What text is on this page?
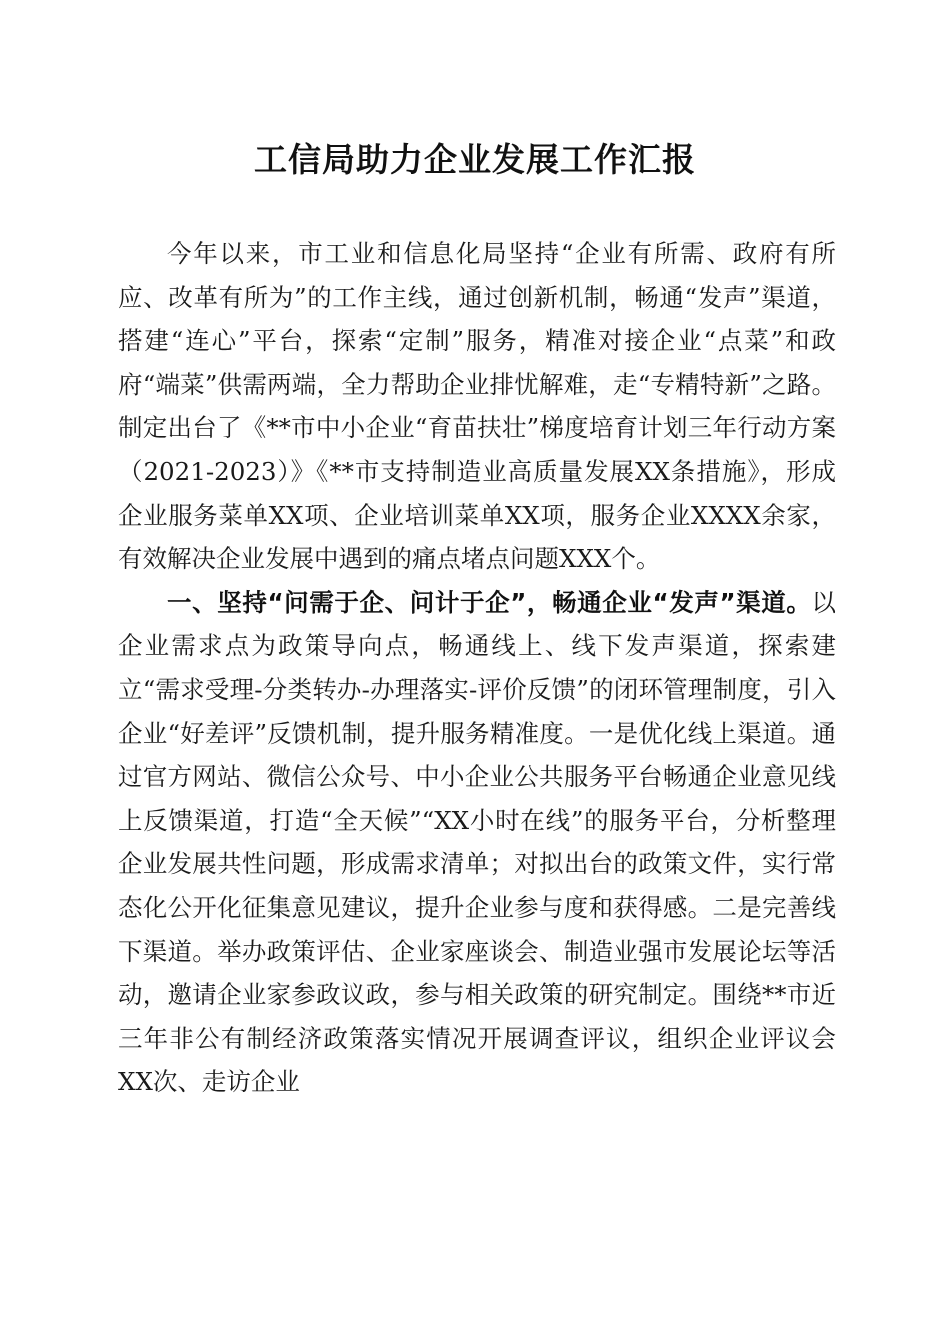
工信局助力企业发展工作汇报

今年以来，市工业和信息化局坚持“企业有所需、政府有所应、改革有所为”的工作主线，通过创新机制，畅通“发声”渠道，搭建“连心”平台，探索“定制”服务，精准对接企业“点菜”和政府“端菜”供需两端，全力帮助企业排忧解难，走“专精特新”之路。制定出台了《**市中小企业“育苗扶壮”梯度培育计划三年行动方案（2021-2023）》《**市支持制造业高质量发展XX条措施》，形成企业服务菜单XX项、企业培训菜单XX项，服务企业XXXX余家，有效解决企业发展中遇到的痛点堵点问题XXX个。

一、坚持“问需于企、问计于企”，畅通企业“发声”渠道。以企业需求点为政策导向点，畅通线上、线下发声渠道，探索建立“需求受理-分类转办-办理落实-评价反馈”的闭环管理制度，引入企业“好差评”反馈机制，提升服务精准度。一是优化线上渠道。通过官方网站、微信公众号、中小企业公共服务平台畅通企业意见线上反馈渠道，打造“全天候”“XX小时在线”的服务平台，分析整理企业发展共性问题，形成需求清单；对拟出台的政策文件，实行常态化公开化征集意见建议，提升企业参与度和获得感。二是完善线下渠道。举办政策评估、企业家座谈会、制造业强市发展论坛等活动，邀请企业家参政议政，参与相关政策的研究制定。围绕**市近三年非公有制经济政策落实情况开展调查评议，组织企业评议会XX次、走访企业
